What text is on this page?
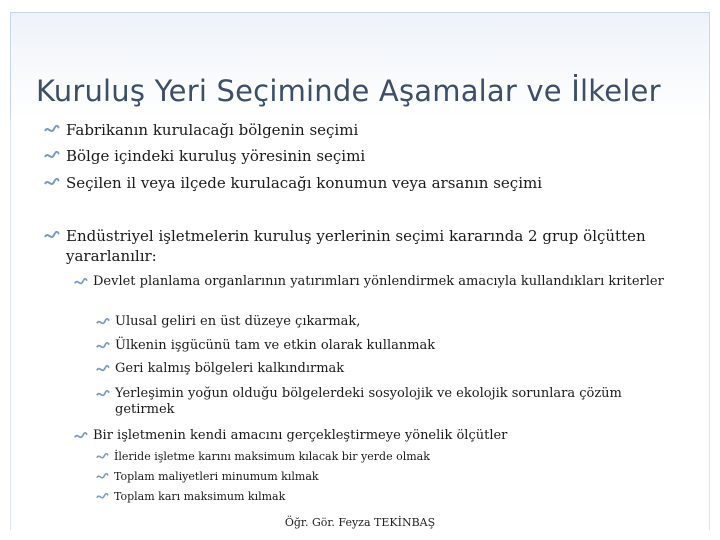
Kuruluş Yeri Seçiminde Aşamalar ve İlkeler
Fabrikanın kurulacağı bölgenin seçimi
Bölge içindeki kuruluş yöresinin seçimi
Seçilen il veya ilçede kurulacağı konumun veya arsanın seçimi
Endüstriyel işletmelerin kuruluş yerlerinin seçimi kararında 2 grup ölçütten yararlanılır:
Devlet planlama organlarının yatırımları yönlendirmek amacıyla kullandıkları kriterler
Ulusal geliri en üst düzeye çıkarmak,
Ülkenin işgücünü tam ve etkin olarak kullanmak
Geri kalmış bölgeleri kalkındırmak
Yerleşimin yoğun olduğu bölgelerdeki sosyolojik ve ekolojik sorunlara çözüm getirmek
Bir işletmenin kendi amacını gerçekleştirmeye yönelik ölçütler
İleride işletme karını maksimum kılacak bir yerde olmak
Toplam maliyetleri minumum kılmak
Toplam karı maksimum kılmak
Öğr. Gör. Feyza TEKİNBAŞ
